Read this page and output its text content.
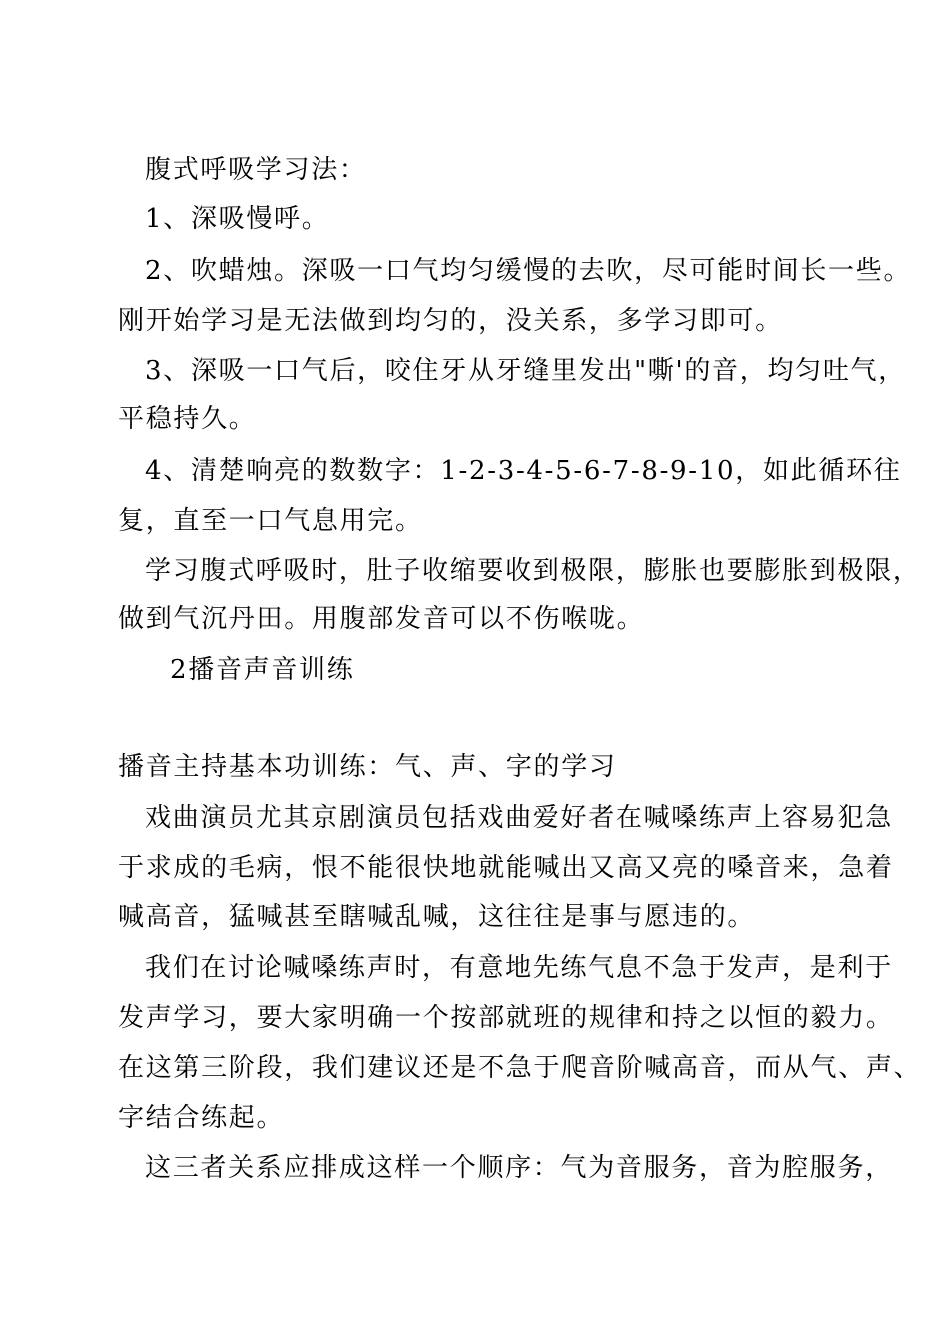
腹式呼吸学习法：
1、深吸慢呼。
2、吹蜡烛。深吸一口气均匀缓慢的去吹，尽可能时间长一些。
刚开始学习是无法做到均匀的，没关系，多学习即可。
3、深吸一口气后，咬住牙从牙缝里发出"嘶'的音，均匀吐气，
平稳持久。
4、清楚响亮的数数字：1-2-3-4-5-6-7-8-9-10，如此循环往
复，直至一口气息用完。
学习腹式呼吸时，肚子收缩要收到极限，膨胀也要膨胀到极限，
做到气沉丹田。用腹部发音可以不伤喉咙。
2播音声音训练
播音主持基本功训练：气、声、字的学习
戏曲演员尤其京剧演员包括戏曲爱好者在喊嗓练声上容易犯急
于求成的毛病，恨不能很快地就能喊出又高又亮的嗓音来，急着
喊高音，猛喊甚至瞎喊乱喊，这往往是事与愿违的。
我们在讨论喊嗓练声时，有意地先练气息不急于发声，是利于
发声学习，要大家明确一个按部就班的规律和持之以恒的毅力。
在这第三阶段，我们建议还是不急于爬音阶喊高音，而从气、声、
字结合练起。
这三者关系应排成这样一个顺序：气为音服务，音为腔服务，
